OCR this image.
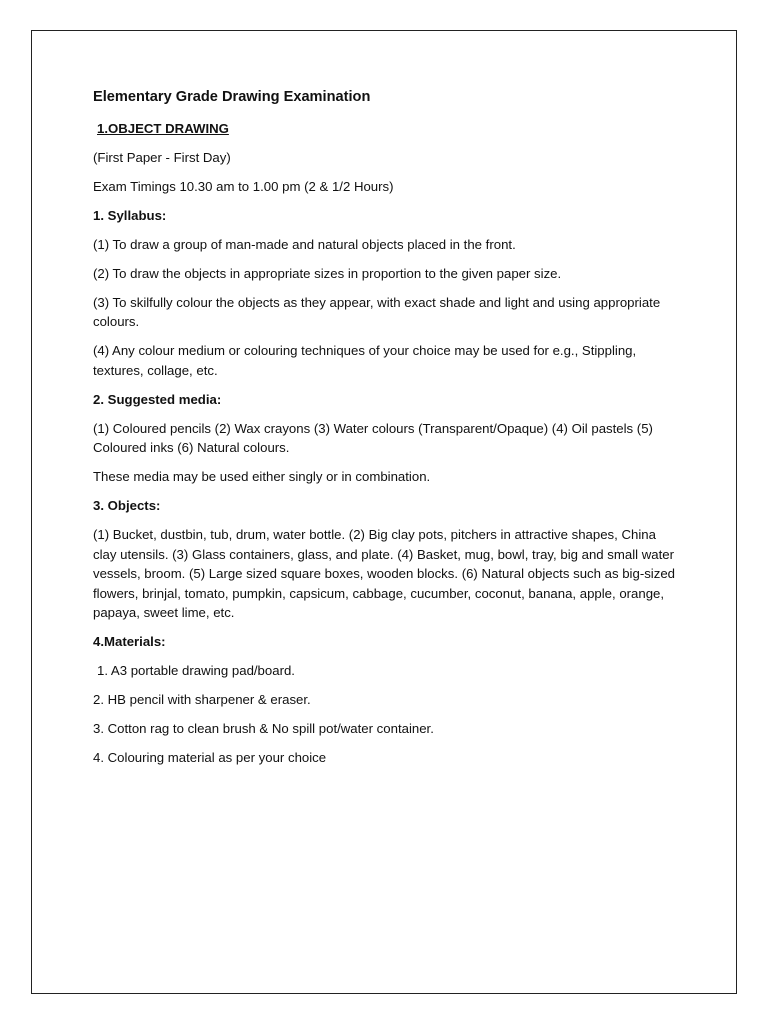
Elementary Grade Drawing Examination
1.OBJECT DRAWING
(First Paper - First Day)
Exam Timings 10.30 am to 1.00 pm (2 & 1/2 Hours)
1. Syllabus:
(1) To draw a group of man-made and natural objects placed in the front.
(2) To draw the objects in appropriate sizes in proportion to the given paper size.
(3) To skilfully colour the objects as they appear, with exact shade and light and using appropriate colours.
(4) Any colour medium or colouring techniques of your choice may be used for e.g., Stippling, textures, collage, etc.
2. Suggested media:
(1) Coloured pencils (2) Wax crayons (3) Water colours (Transparent/Opaque) (4) Oil pastels (5) Coloured inks (6) Natural colours.
These media may be used either singly or in combination.
3. Objects:
(1) Bucket, dustbin, tub, drum, water bottle. (2) Big clay pots, pitchers in attractive shapes, China clay utensils. (3) Glass containers, glass, and plate. (4) Basket, mug, bowl, tray, big and small water vessels, broom. (5) Large sized square boxes, wooden blocks. (6) Natural objects such as big-sized flowers, brinjal, tomato, pumpkin, capsicum, cabbage, cucumber, coconut, banana, apple, orange, papaya, sweet lime, etc.
4.Materials:
1. A3 portable drawing pad/board.
2. HB pencil with sharpener & eraser.
3. Cotton rag to clean brush & No spill pot/water container.
4. Colouring material as per your choice
